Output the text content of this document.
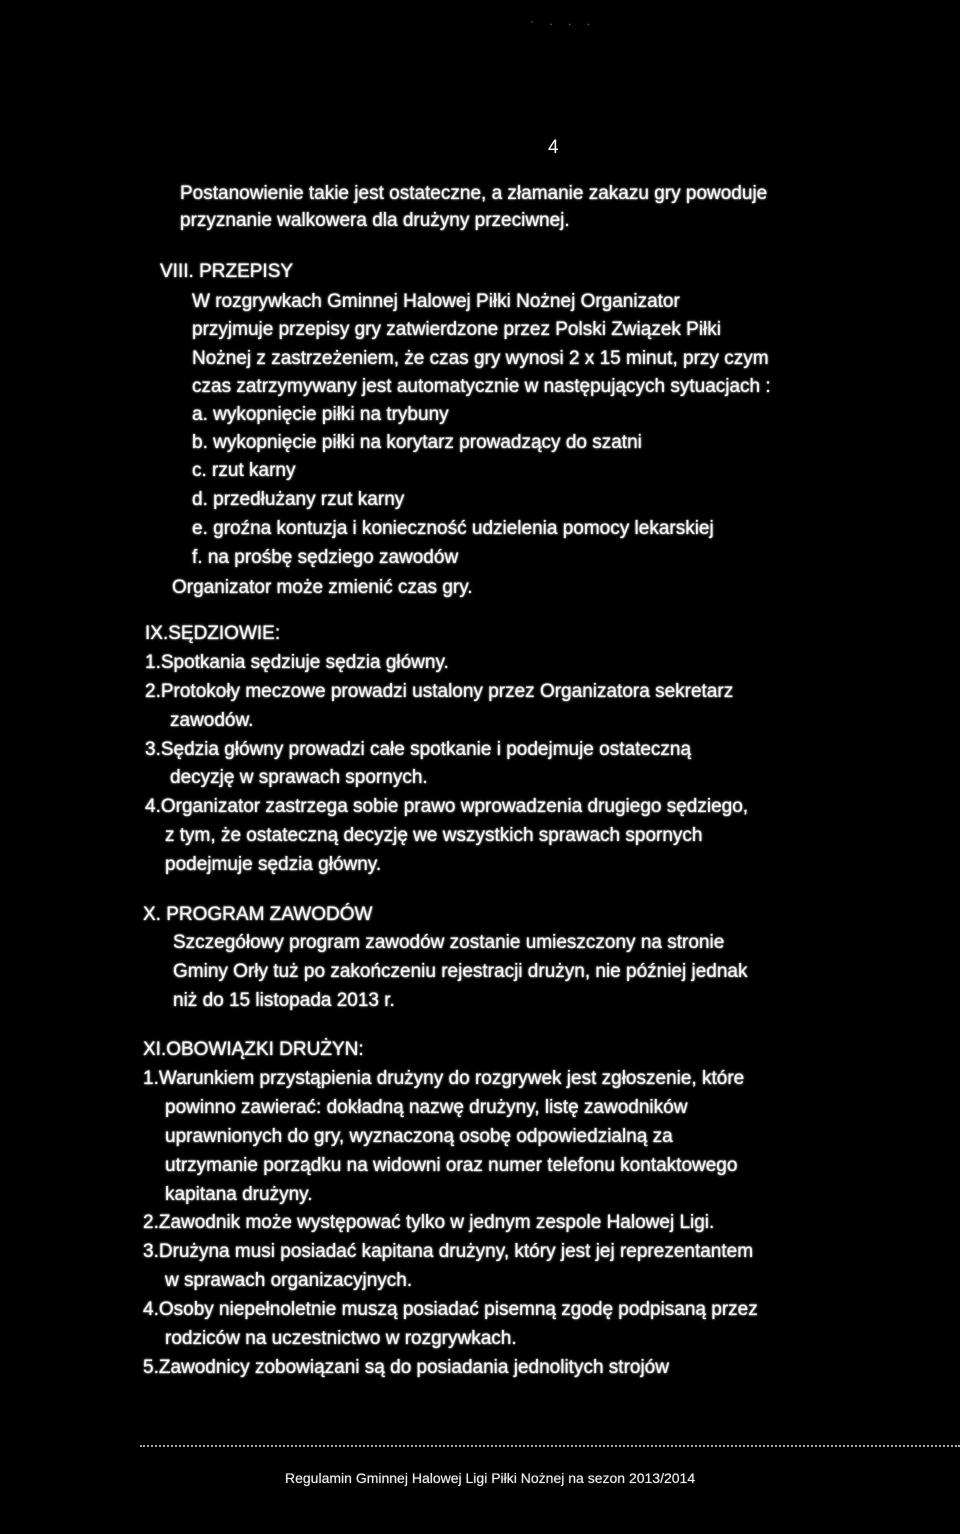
· . . .
4
Postanowienie takie jest ostateczne, a złamanie zakazu gry powoduje
przyznanie walkowera dla drużyny przeciwnej.
VIII. PRZEPISY
W rozgrywkach Gminnej Halowej Piłki Nożnej Organizator
przyjmuje przepisy gry zatwierdzone przez Polski Związek Piłki
Nożnej z zastrzeżeniem, że czas gry wynosi 2 x 15 minut, przy czym
czas zatrzymywany jest automatycznie w następujących sytuacjach :
a. wykopnięcie piłki na trybuny
b. wykopnięcie piłki na korytarz prowadzący do szatni
c. rzut karny
d. przedłużany rzut karny
e. groźna kontuzja i konieczność udzielenia pomocy lekarskiej
f. na prośbę sędziego zawodów
Organizator może zmienić czas gry.
IX.SĘDZIOWIE:
1.Spotkania sędziuje sędzia główny.
2.Protokoły meczowe prowadzi ustalony przez Organizatora sekretarz
zawodów.
3.Sędzia główny prowadzi całe spotkanie i podejmuje ostateczną
decyzję w sprawach spornych.
4.Organizator zastrzega sobie prawo wprowadzenia drugiego sędziego,
z tym, że ostateczną decyzję we wszystkich sprawach spornych
podejmuje sędzia główny.
X. PROGRAM ZAWODÓW
Szczegółowy program zawodów zostanie umieszczony na stronie
Gminy Orły tuż po zakończeniu rejestracji drużyn, nie później jednak
niż do 15 listopada 2013 r.
XI.OBOWIĄZKI DRUŻYN:
1.Warunkiem przystąpienia drużyny do rozgrywek jest zgłoszenie, które
powinno zawierać: dokładną nazwę drużyny, listę zawodników
uprawnionych do gry, wyznaczoną osobę odpowiedzialną za
utrzymanie porządku na widowni oraz numer telefonu kontaktowego
kapitana drużyny.
2.Zawodnik może występować tylko w jednym zespole Halowej Ligi.
3.Drużyna musi posiadać kapitana drużyny, który jest jej reprezentantem
w sprawach organizacyjnych.
4.Osoby niepełnoletnie muszą posiadać pisemną zgodę podpisaną przez
rodziców na uczestnictwo w rozgrywkach.
5.Zawodnicy zobowiązani są do posiadania jednolitych strojów
Regulamin Gminnej Halowej Ligi Piłki Nożnej na sezon 2013/2014
